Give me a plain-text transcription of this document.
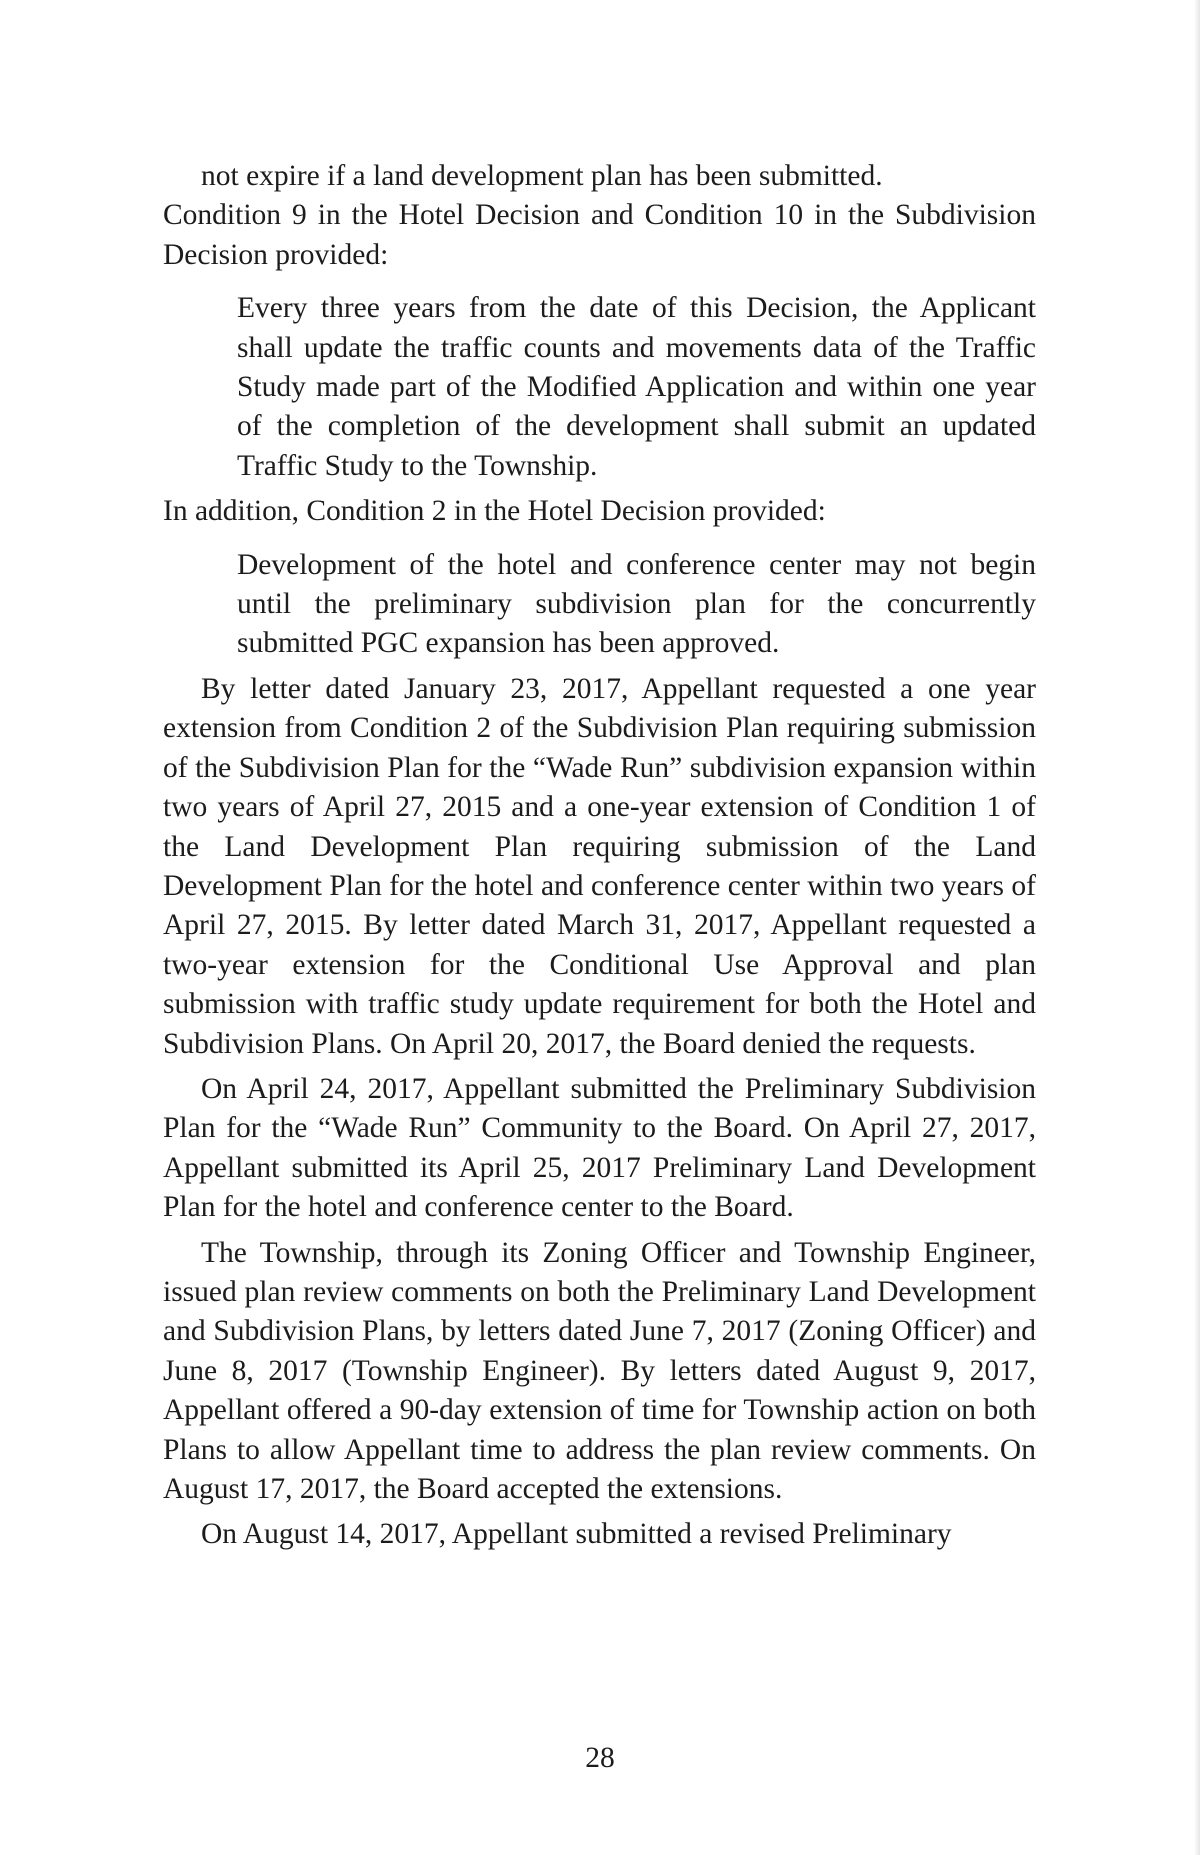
not expire if a land development plan has been submitted.

Condition 9 in the Hotel Decision and Condition 10 in the Subdivision Decision provided:

Every three years from the date of this Decision, the Applicant shall update the traffic counts and movements data of the Traffic Study made part of the Modified Application and within one year of the completion of the development shall submit an updated Traffic Study to the Township.

In addition, Condition 2 in the Hotel Decision provided:

Development of the hotel and conference center may not begin until the preliminary subdivision plan for the concurrently submitted PGC expansion has been approved.

By letter dated January 23, 2017, Appellant requested a one year extension from Condition 2 of the Subdivision Plan requiring submission of the Subdivision Plan for the “Wade Run” subdivision expansion within two years of April 27, 2015 and a one-year extension of Condition 1 of the Land Development Plan requiring submission of the Land Development Plan for the hotel and conference center within two years of April 27, 2015. By letter dated March 31, 2017, Appellant requested a two-year extension for the Conditional Use Approval and plan submission with traffic study update requirement for both the Hotel and Subdivision Plans. On April 20, 2017, the Board denied the requests.

On April 24, 2017, Appellant submitted the Preliminary Subdivision Plan for the “Wade Run” Community to the Board. On April 27, 2017, Appellant submitted its April 25, 2017 Preliminary Land Development Plan for the hotel and conference center to the Board.

The Township, through its Zoning Officer and Township Engineer, issued plan review comments on both the Preliminary Land Development and Subdivision Plans, by letters dated June 7, 2017 (Zoning Officer) and June 8, 2017 (Township Engineer). By letters dated August 9, 2017, Appellant offered a 90-day extension of time for Township action on both Plans to allow Appellant time to address the plan review comments. On August 17, 2017, the Board accepted the extensions.

On August 14, 2017, Appellant submitted a revised Preliminary

28
